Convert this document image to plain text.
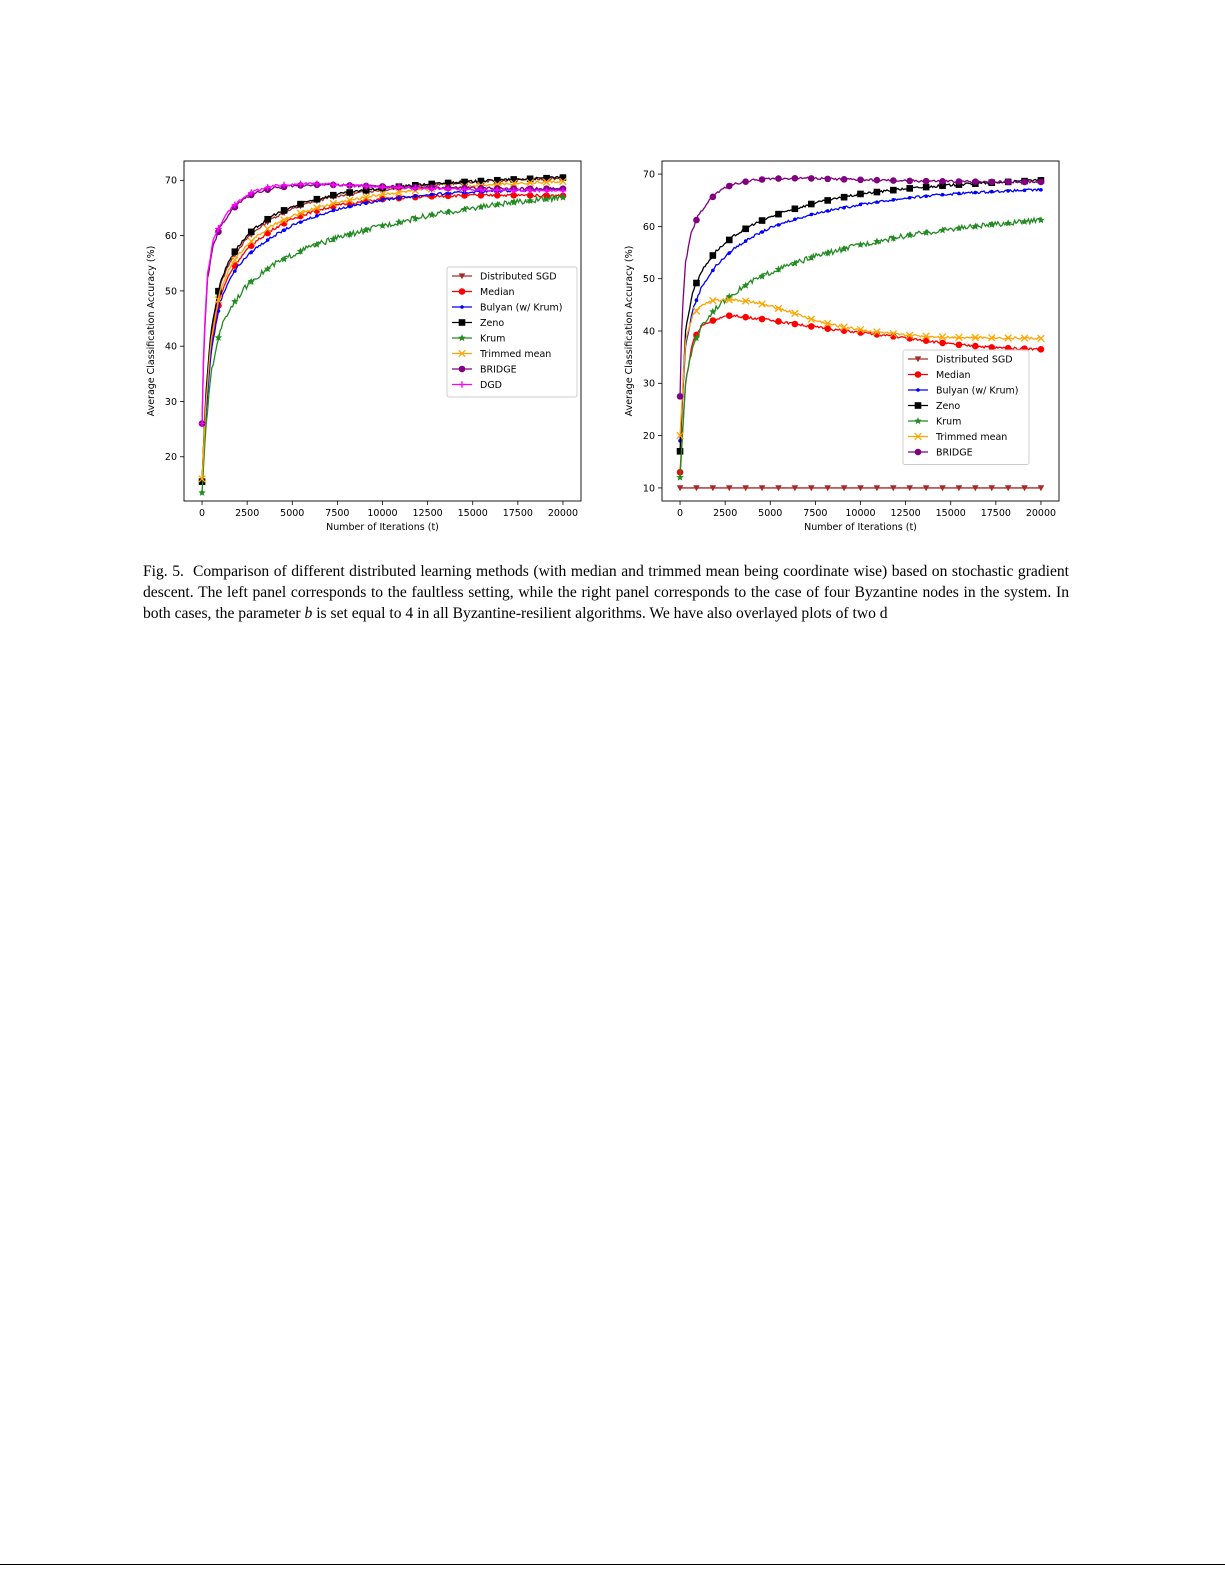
0	2500 5000 7500 10000 12500 15000 17500 20000
20
30
40
50
60
70
Number of Iterations (t)
Average Classification Accuracy (%)	Distributed SGD
Median
Bulyan (w/ Krum)
Zeno
Krum
Trimmed mean
BRIDGE
DGD
0	2500 5000 7500 10000 12500 15000 17500 20000
10
20
30
40
50
60
70
Number of Iterations (t)
Average Classification Accuracy (%)	Distributed SGD
Median
Bulyan (w/ Krum)
Zeno
Krum
Trimmed mean
BRIDGE
Fig. 5. Comparison of different distributed learning methods (with median and trimmed mean being coordinate wise) based on stochastic gradient descent. The left panel corresponds to the faultless setting, while the right panel corresponds to the case of four Byzantine nodes in the system. In both cases, the parameter b is set equal to 4 in all Byzantine-resilient algorithms. We have also overlayed plots of two d
